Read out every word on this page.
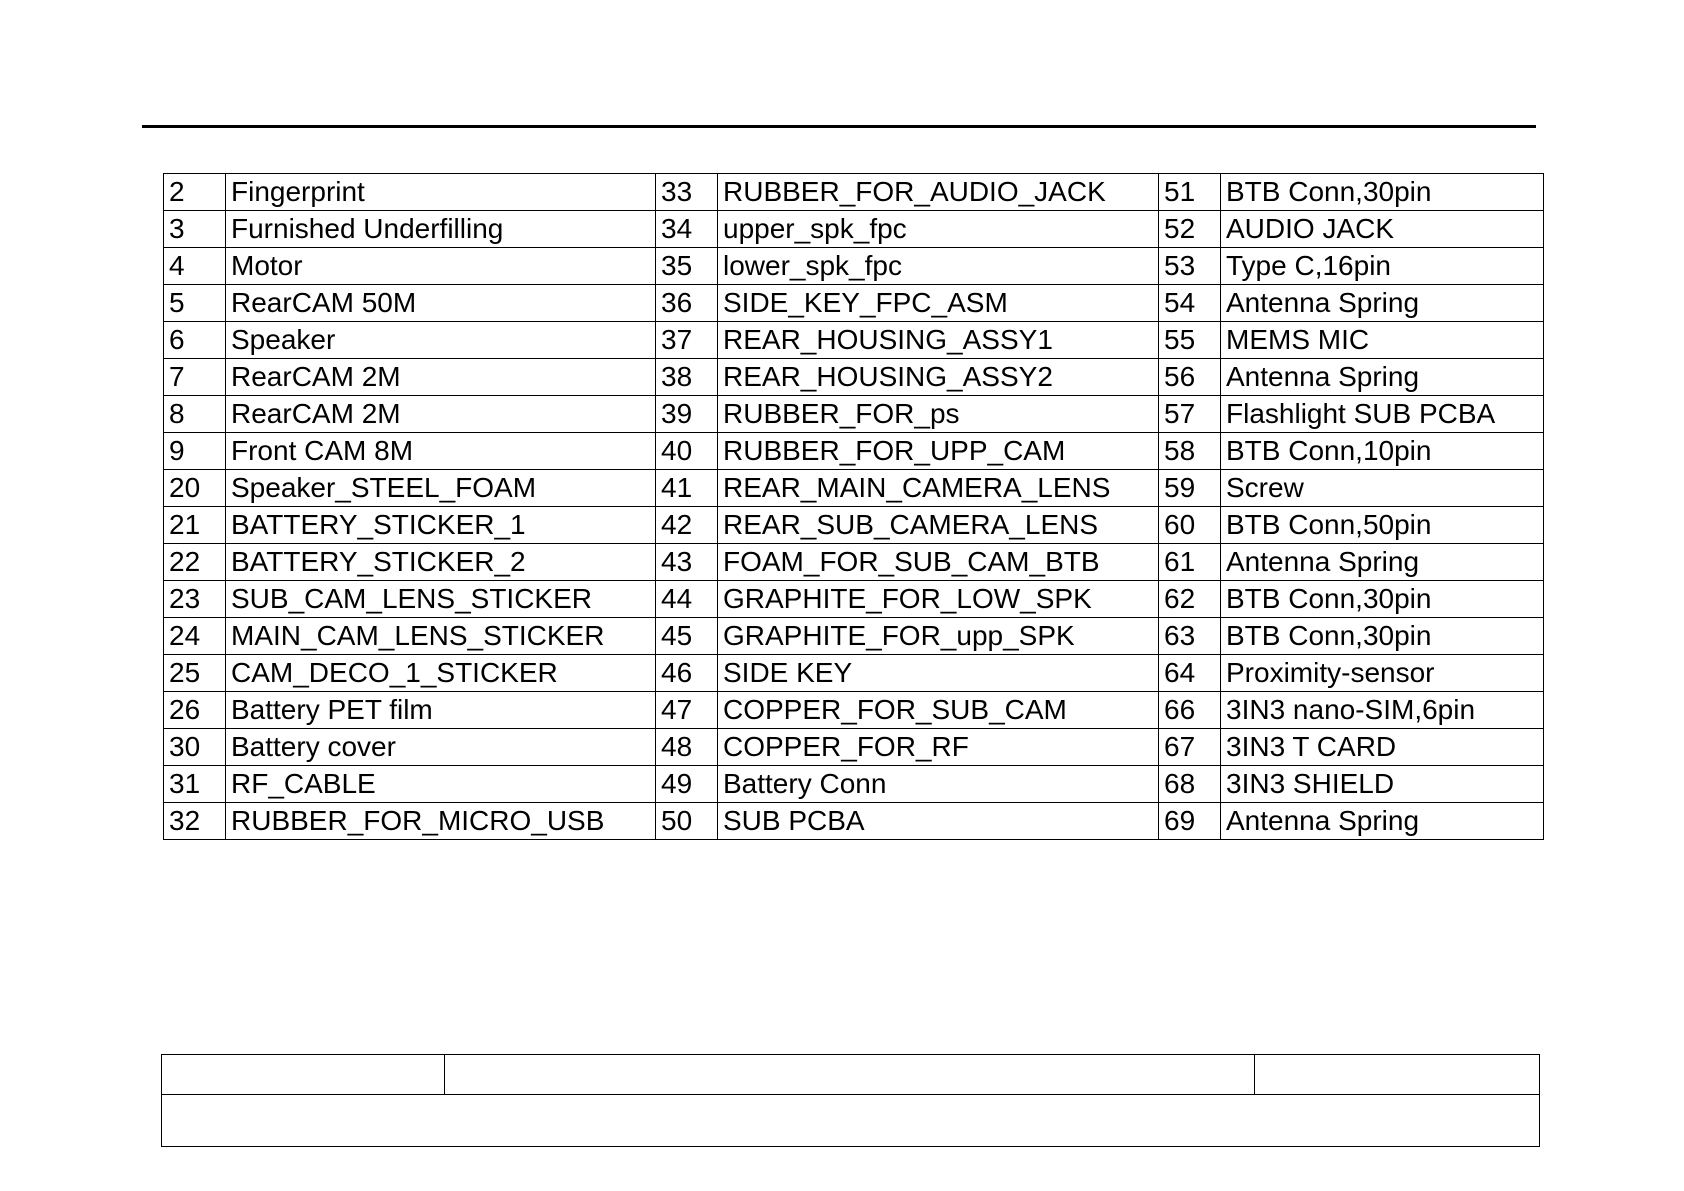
2	Fingerprint	33	RUBBER_FOR_AUDIO_JACK	51	BTB Conn,30pin
3	Furnished Underfilling	34	upper_spk_fpc	52	AUDIO JACK
4	Motor	35	lower_spk_fpc	53	Type C,16pin
5	RearCAM 50M	36	SIDE_KEY_FPC_ASM	54	Antenna Spring
6	Speaker	37	REAR_HOUSING_ASSY1	55	MEMS MIC
7	RearCAM 2M	38	REAR_HOUSING_ASSY2	56	Antenna Spring
8	RearCAM 2M	39	RUBBER_FOR_ps	57	Flashlight SUB PCBA
9	Front CAM 8M	40	RUBBER_FOR_UPP_CAM	58	BTB Conn,10pin
20	Speaker_STEEL_FOAM	41	REAR_MAIN_CAMERA_LENS	59	Screw
21	BATTERY_STICKER_1	42	REAR_SUB_CAMERA_LENS	60	BTB Conn,50pin
22	BATTERY_STICKER_2	43	FOAM_FOR_SUB_CAM_BTB	61	Antenna Spring
23	SUB_CAM_LENS_STICKER	44	GRAPHITE_FOR_LOW_SPK	62	BTB Conn,30pin
24	MAIN_CAM_LENS_STICKER	45	GRAPHITE_FOR_upp_SPK	63	BTB Conn,30pin
25	CAM_DECO_1_STICKER	46	SIDE KEY	64	Proximity-sensor
26	Battery PET film	47	COPPER_FOR_SUB_CAM	66	3IN3 nano-SIM,6pin
30	Battery cover	48	COPPER_FOR_RF	67	3IN3 T CARD
31	RF_CABLE	49	Battery Conn	68	3IN3 SHIELD
32	RUBBER_FOR_MICRO_USB	50	SUB PCBA	69	Antenna Spring
